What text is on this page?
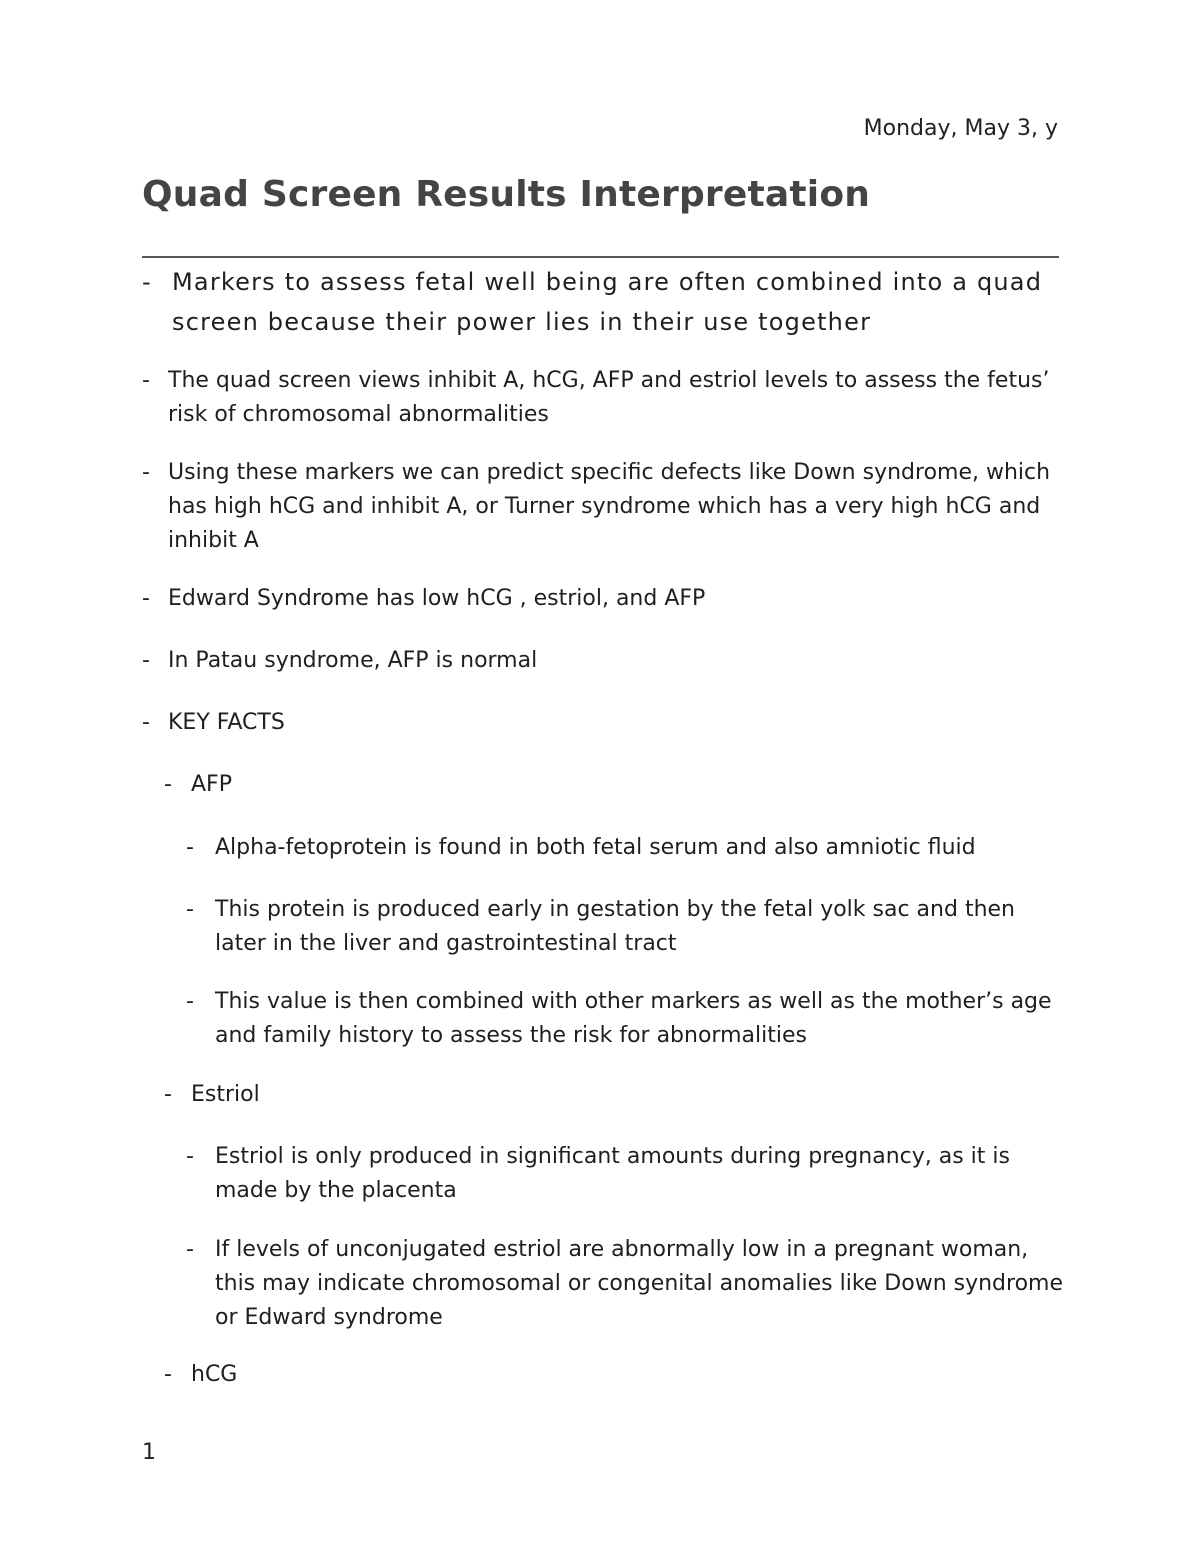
Monday, May 3, y
Quad Screen Results Interpretation
- Markers to assess fetal well being are often combined into a quad screen because their power lies in their use together
- The quad screen views inhibit A, hCG, AFP and estriol levels to assess the fetus’ risk of chromosomal abnormalities
- Using these markers we can predict specific defects like Down syndrome, which has high hCG and inhibit A, or Turner syndrome which has a very high hCG and inhibit A
- Edward Syndrome has low hCG , estriol, and AFP
- In Patau syndrome, AFP is normal
- KEY FACTS
- AFP
- Alpha-fetoprotein is found in both fetal serum and also amniotic fluid
- This protein is produced early in gestation by the fetal yolk sac and then later in the liver and gastrointestinal tract
- This value is then combined with other markers as well as the mother’s age and family history to assess the risk for abnormalities
- Estriol
- Estriol is only produced in significant amounts during pregnancy, as it is made by the placenta
- If levels of unconjugated estriol are abnormally low in a pregnant woman, this may indicate chromosomal or congenital anomalies like Down syndrome or Edward syndrome
- hCG
1
